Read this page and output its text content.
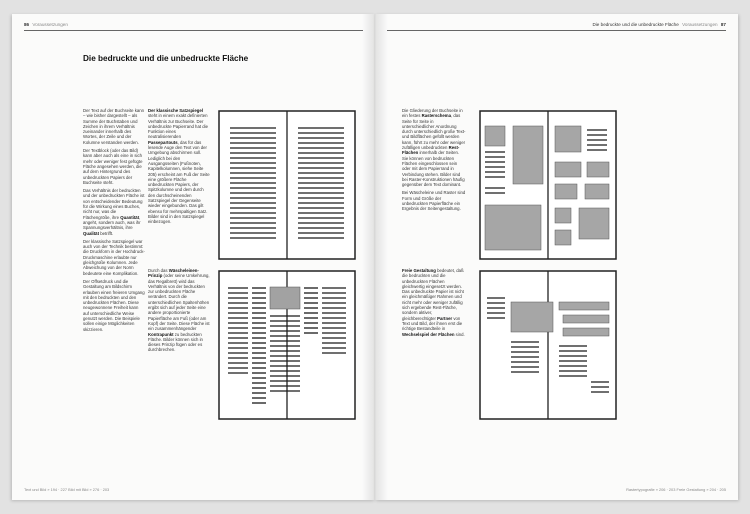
86 Voraussetzungen
Die bedruckte und die unbedruckte Fläche

Der Text auf der Buchseite kann – wie bisher dargestellt – als Summe der Buchstaben und Zeichen in ihrem Verhältnis zueinander innerhalb des Wortes, der Zeile und der Kolumne verstanden werden.

Der Textblock (oder das Bild) kann aber auch als eine in sich mehr oder weniger fest gefügte Fläche angesehen werden, die auf dem Hintergrund des unbedruckten Papiers der Buchseite steht.

Das Verhältnis der bedruckten und der unbedruckten Fläche ist von entscheidender Bedeutung für die Wirkung eines Buches, nicht nur, was die Flächengröße, ihre Quantität, angeht, sondern auch, was ihr Spannungsverhältnis, ihre Qualität betrifft.

Der klassische Satzspiegel war auch von der Technik bestimmt: die Druckform in der Hochdruck-Druckmaschine erlaubte nur gleichgroße Kolumnen. Jede Abweichung von der Norm bedeutete eine Komplikation.

Der Offsetdruck und die Gestaltung am Bildschirm erlauben einen freieren Umgang mit den bedruckten und den unbedruckten Flächen. Diese neugewonnene Freiheit kann auf unterschiedliche Weise genutzt werden. Die Beispiele sollen einige Möglichkeiten skizzieren.

Der klassische Satzspiegel steht in einem exakt definierten Verhältnis zur Buchseite. Der unbedruckte Papierrand hat die Funktion eines neutralisierenden Passepartouts, das für das lesende Auge den Text von der Umgebung abschirmen soll. Lediglich bei den Ausgangsseiten (Fußnoten, Kapitelkolumnen, siehe Seite 205) erscheint am Fuß der Seite eine größere Fläche unbedruckten Papiers, der Spitzkolumne und dem durch den durchscheinenden Satzspiegel der Gegenseite wieder eingebunden. Das gilt ebenso für mehrspaltigen Satz. Bilder sind in den Satzspiegel einbezogen.

Durch das Wäscheleinen-Prinzip (oder seine Umkehrung, das Regalbrett) wird das Verhältnis von der bedruckten zur unbedruckten Fläche verändert. Durch die unterschiedlichen Spaltenhöhen ergibt sich auf jeder Seite eine andere proportionierte Papierfläche am Fuß (oder am Kopf) der Seite. Diese Fläche ist ein zusammenhängender Kontrapunkt zu bedruckten Fläche. Bilder können sich in dieses Prinzip fügen oder es durchbrechen.

Text und Bild » 194 · 227 Bild mit Bild » 276 · 203
Die bedruckte und die unbedruckte Fläche Voraussetzungen 87

Die Gliederung der Buchseite in ein festes Rasterschema, das Seite für Seite in unterschiedlicher Anordnung durch unterschiedlich große Text- und Bildflächen gefüllt werden kann, führt zu mehr oder weniger zufälligen unbedruckten Rest-Flächen innerhalb der Seiten. Sie können von bedruckten Flächen eingeschlossen sein oder mit dem Papierrand in Verbindung stehen. Bilder sind bei Raster-Konstruktionen häufig gegenüber dem Text dominant.

Bei Wäscheleine und Raster sind Form und Größe der unbedruckten Papierfläche ein Ergebnis der Seitengestaltung.

Freie Gestaltung bedeutet, daß die bedruckten und die unbedruckten Flächen gleichwertig eingesetzt werden. Das unbedruckte Papier ist nicht ein gleichmäßiger Rahmen und nicht mehr oder weniger zufällig sich ergebende Rest-Fläche, sondern aktiver, gleichberechtigter Partner von Text und Bild, der ihnen erst die richtige Bestandteile in Wechselspiel der Flächen sind.

Rastertypografie » 206 · 203 Freie Gestaltung » 204 · 205
